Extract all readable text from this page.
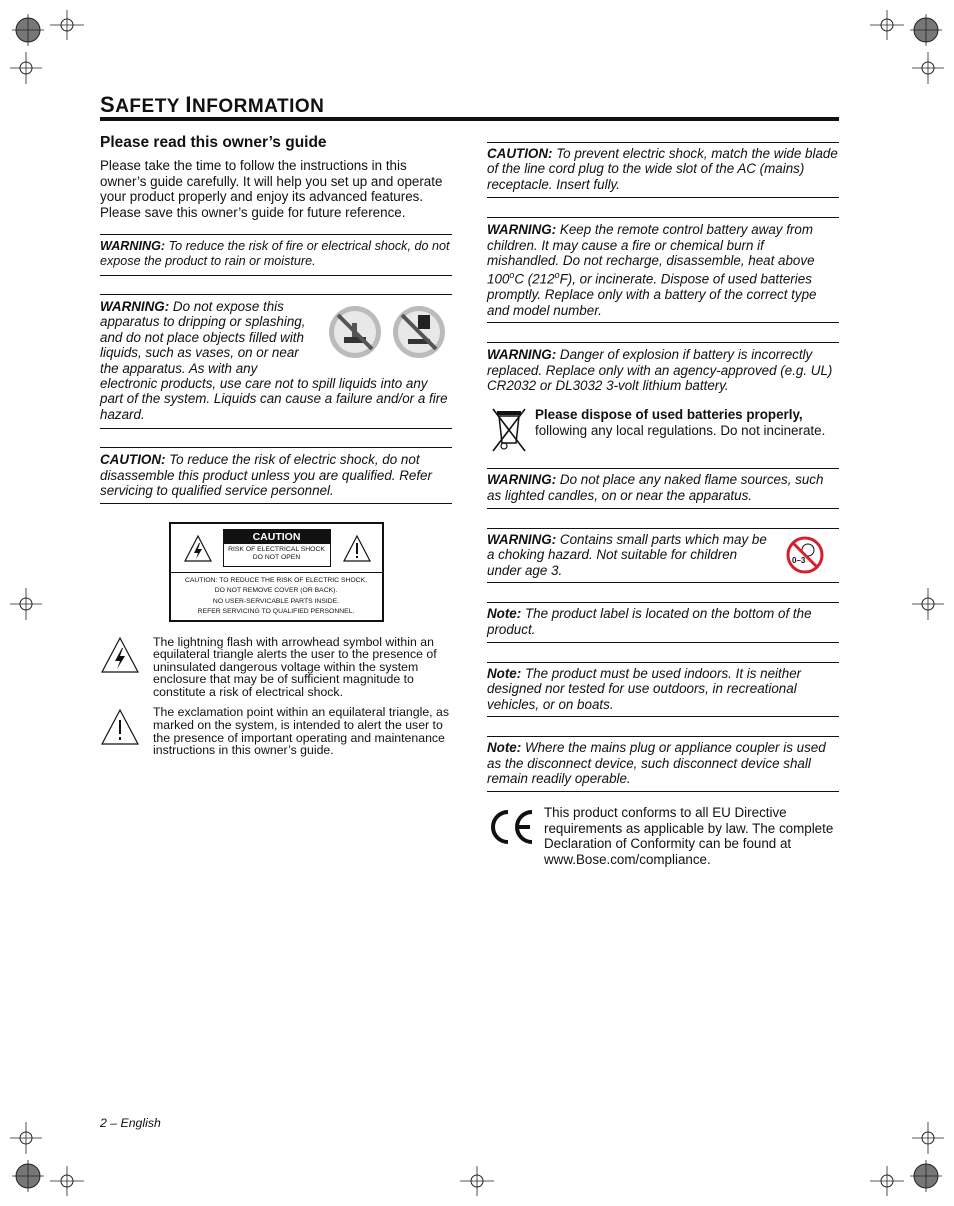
SAFETY INFORMATION
Please read this owner’s guide

Please take the time to follow the instructions in this owner’s guide carefully. It will help you set up and operate your product properly and enjoy its advanced features. Please save this owner’s guide for future reference.

WARNING: To reduce the risk of fire or electrical shock, do not expose the product to rain or moisture.

WARNING: Do not expose this apparatus to dripping or splashing, and do not place objects filled with liquids, such as vases, on or near the apparatus. As with any electronic products, use care not to spill liquids into any part of the system. Liquids can cause a failure and/or a fire hazard.

CAUTION: To reduce the risk of electric shock, do not disassemble this product unless you are qualified. Refer servicing to qualified service personnel.

CAUTION
RISK OF ELECTRICAL SHOCK
DO NOT OPEN
CAUTION: TO REDUCE THE RISK OF ELECTRIC SHOCK,
DO NOT REMOVE COVER (OR BACK).
NO USER-SERVICABLE PARTS INSIDE.
REFER SERVICING TO QUALIFIED PERSONNEL.

The lightning flash with arrowhead symbol within an equilateral triangle alerts the user to the presence of uninsulated dangerous voltage within the system enclosure that may be of sufficient magnitude to constitute a risk of electrical shock.

The exclamation point within an equilateral triangle, as marked on the system, is intended to alert the user to the presence of important operating and maintenance instructions in this owner’s guide.

CAUTION: To prevent electric shock, match the wide blade of the line cord plug to the wide slot of the AC (mains) receptacle. Insert fully.

WARNING: Keep the remote control battery away from children. It may cause a fire or chemical burn if mishandled. Do not recharge, disassemble, heat above 100$^o$C (212$^o$F), or incinerate. Dispose of used batteries promptly. Replace only with a battery of the correct type and model number.

WARNING: Danger of explosion if battery is incorrectly replaced. Replace only with an agency-approved (e.g. UL) CR2032 or DL3032 3-volt lithium battery.

Please dispose of used batteries properly, following any local regulations. Do not incinerate.

WARNING: Do not place any naked flame sources, such as lighted candles, on or near the apparatus.

0–3

WARNING: Contains small parts which may be a choking hazard. Not suitable for children under age 3.

Note: The product label is located on the bottom of the product.

Note: The product must be used indoors. It is neither designed nor tested for use outdoors, in recreational vehicles, or on boats.

Note: Where the mains plug or appliance coupler is used as the disconnect device, such disconnect device shall remain readily operable.

This product conforms to all EU Directive requirements as applicable by law. The complete Declaration of Conformity can be found at www.Bose.com/compliance.

2 – English
